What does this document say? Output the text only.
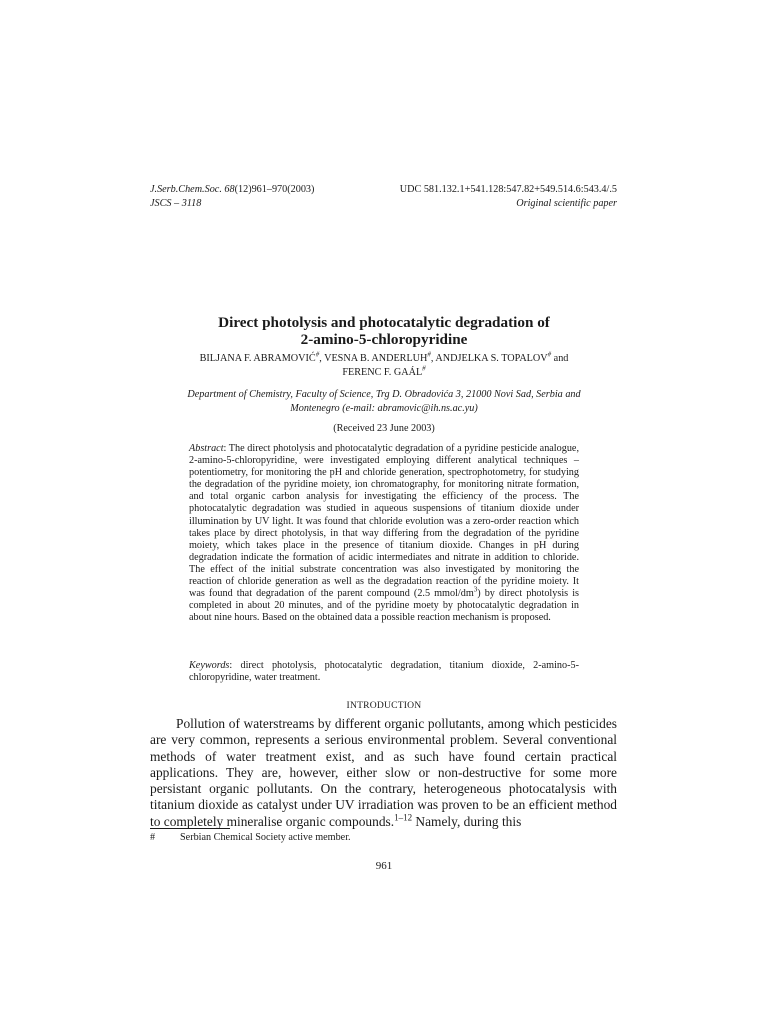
J.Serb.Chem.Soc. 68(12)961–970(2003)
JSCS – 3118
UDC 581.132.1+541.128:547.82+549.514.6:543.4/.5
Original scientific paper
Direct photolysis and photocatalytic degradation of
2-amino-5-chloropyridine
BILJANA F. ABRAMOVIĆ#, VESNA B. ANDERLUH#, ANDJELKA S. TOPALOV# and
FERENC F. GAÁL#
Department of Chemistry, Faculty of Science, Trg D. Obradovića 3, 21000 Novi Sad, Serbia and
Montenegro (e-mail: abramovic@ih.ns.ac.yu)
(Received 23 June 2003)

Abstract: The direct photolysis and photocatalytic degradation of a pyridine pesticide analogue, 2-amino-5-chloropyridine, were investigated employing different analytical techniques – potentiometry, for monitoring the pH and chloride generation, spectrophotometry, for studying the degradation of the pyridine moiety, ion chromatography, for monitoring nitrate formation, and total organic carbon analysis for investigating the efficiency of the process. The photocatalytic degradation was studied in aqueous suspensions of titanium dioxide under illumination by UV light. It was found that chloride evolution was a zero-order reaction which takes place by direct photolysis, in that way differing from the degradation of the pyridine moiety, which takes place in the presence of titanium dioxide. Changes in pH during degradation indicate the formation of acidic intermediates and nitrate in addition to chloride. The effect of the initial substrate concentration was also investigated by monitoring the reaction of chloride generation as well as the degradation reaction of the pyridine moiety. It was found that degradation of the parent compound (2.5 mmol/$dm^3$) by direct photolysis is completed in about 20 minutes, and of the pyridine moety by photocatalytic degradation in about nine hours. Based on the obtained data a possible reaction mechanism is proposed.

Keywords: direct photolysis, photocatalytic degradation, titanium dioxide, 2-amino-5-chloropyridine, water treatment.

INTRODUCTION

Pollution of waterstreams by different organic pollutants, among which pesticides are very common, represents a serious environmental problem. Several conventional methods of water treatment exist, and as such have found certain practical applications. They are, however, either slow or non-destructive for some more persistant organic pollutants. On the contrary, heterogeneous photocatalysis with titanium dioxide as catalyst under UV irradiation was proven to be an efficient method to completely mineralise organic compounds.$^{1-12}$ Namely, during this

# Serbian Chemical Society active member.
961
